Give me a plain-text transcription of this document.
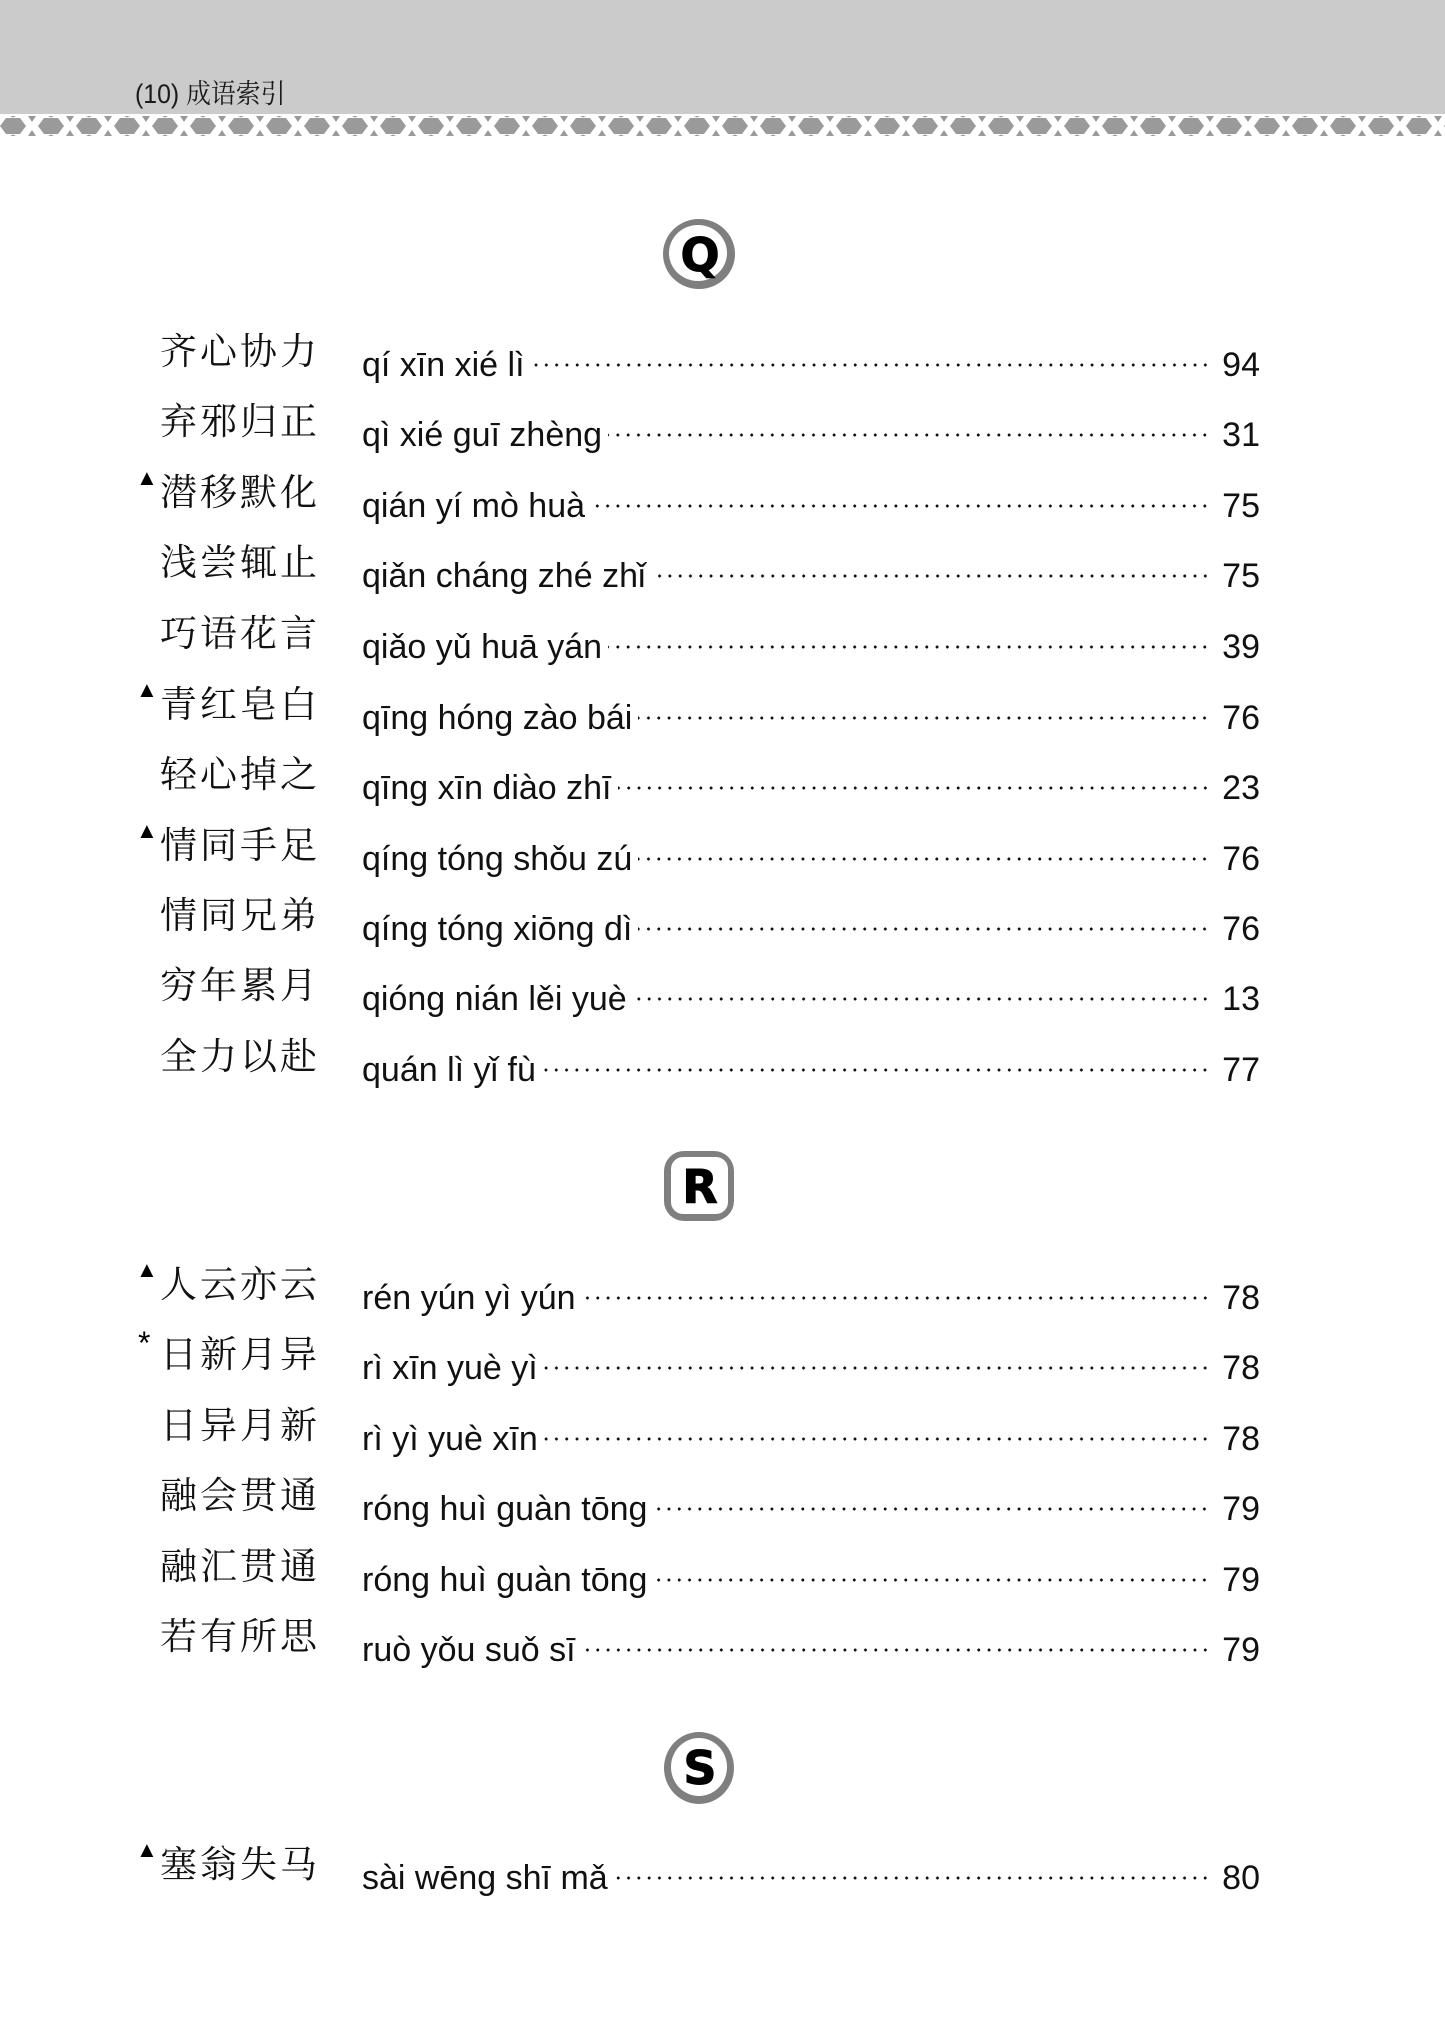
(10) 成语索引
Q
齐心协力 qí xīn xié lì	94
弃邪归正 qì xié guī zhèng	31
▲ 潜移默化 qián yí mò huà	75
浅尝辄止 qiǎn cháng zhé zhǐ	75
巧语花言 qiǎo yǔ huā yán	39
▲ 青红皂白 qīng hóng zào bái	76
轻心掉之 qīng xīn diào zhī	23
▲ 情同手足 qíng tóng shǒu zú	76
情同兄弟 qíng tóng xiōng dì	76
穷年累月 qióng nián lěi yuè	13
全力以赴 quán lì yǐ fù	77
R
▲ 人云亦云 rén yún yì yún	78
* 日新月异 rì xīn yuè yì	78
日异月新 rì yì yuè xīn	78
融会贯通 róng huì guàn tōng	79
融汇贯通 róng huì guàn tōng	79
若有所思 ruò yǒu suǒ sī	79
S
▲ 塞翁失马 sài wēng shī mǎ	80
